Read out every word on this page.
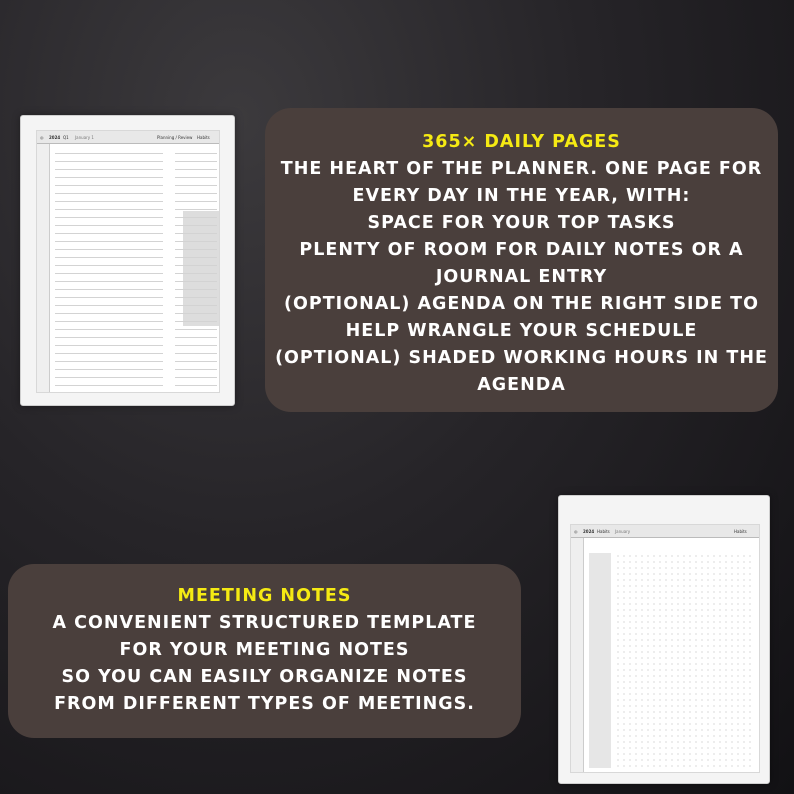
365× DAILY PAGES
THE HEART OF THE PLANNER. ONE PAGE FOR
EVERY DAY IN THE YEAR, WITH:
SPACE FOR YOUR TOP TASKS
PLENTY OF ROOM FOR DAILY NOTES OR A
JOURNAL ENTRY
(OPTIONAL) AGENDA ON THE RIGHT SIDE TO
HELP WRANGLE YOUR SCHEDULE
(OPTIONAL) SHADED WORKING HOURS IN THE
AGENDA
MEETING NOTES
A CONVENIENT STRUCTURED TEMPLATE
FOR YOUR MEETING NOTES
SO YOU CAN EASILY ORGANIZE NOTES
FROM DIFFERENT TYPES OF MEETINGS.
◎ 2024 Q1 January 1	Planning / Review Habits
◎ 2024 Habits January	Habits
